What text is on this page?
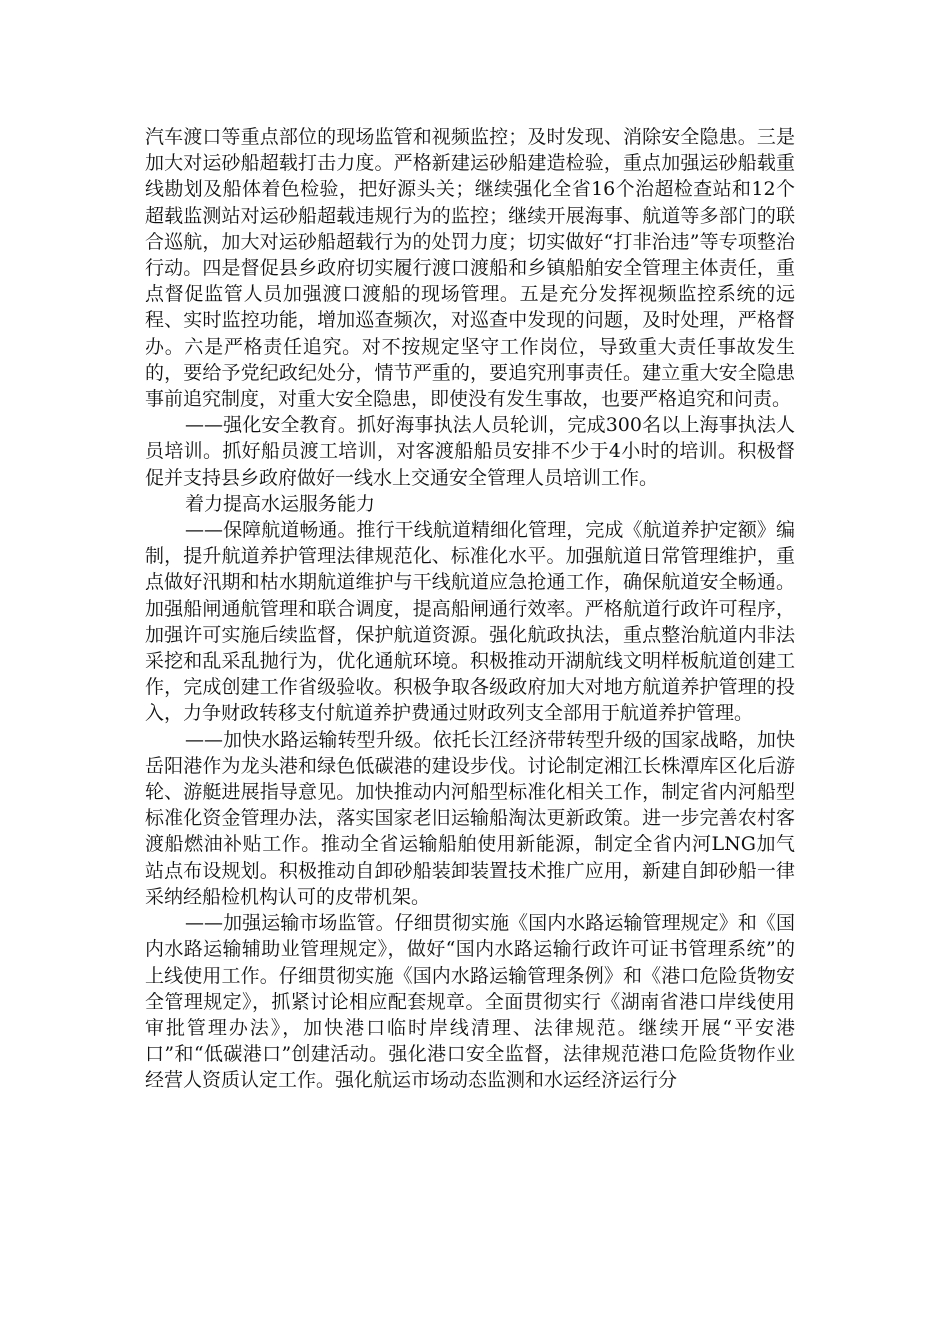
汽车渡口等重点部位的现场监管和视频监控；及时发现、消除安全隐患。三是加大对运砂船超载打击力度。严格新建运砂船建造检验，重点加强运砂船载重线勘划及船体着色检验，把好源头关；继续强化全省16个治超检查站和12个超载监测站对运砂船超载违规行为的监控；继续开展海事、航道等多部门的联合巡航，加大对运砂船超载行为的处罚力度；切实做好“打非治违”等专项整治行动。四是督促县乡政府切实履行渡口渡船和乡镇船舶安全管理主体责任，重点督促监管人员加强渡口渡船的现场管理。五是充分发挥视频监控系统的远程、实时监控功能，增加巡查频次，对巡查中发现的问题，及时处理，严格督办。六是严格责任追究。对不按规定坚守工作岗位，导致重大责任事故发生的，要给予党纪政纪处分，情节严重的，要追究刑事责任。建立重大安全隐患事前追究制度，对重大安全隐患，即使没有发生事故，也要严格追究和问责。

——强化安全教育。抓好海事执法人员轮训，完成300名以上海事执法人员培训。抓好船员渡工培训，对客渡船船员安排不少于4小时的培训。积极督促并支持县乡政府做好一线水上交通安全管理人员培训工作。

着力提高水运服务能力

——保障航道畅通。推行干线航道精细化管理，完成《航道养护定额》编制，提升航道养护管理法律规范化、标准化水平。加强航道日常管理维护，重点做好汛期和枯水期航道维护与干线航道应急抢通工作，确保航道安全畅通。加强船闸通航管理和联合调度，提高船闸通行效率。严格航道行政许可程序，加强许可实施后续监督，保护航道资源。强化航政执法，重点整治航道内非法采挖和乱采乱抛行为，优化通航环境。积极推动开湖航线文明样板航道创建工作，完成创建工作省级验收。积极争取各级政府加大对地方航道养护管理的投入，力争财政转移支付航道养护费通过财政列支全部用于航道养护管理。

——加快水路运输转型升级。依托长江经济带转型升级的国家战略，加快岳阳港作为龙头港和绿色低碳港的建设步伐。讨论制定湘江长株潭库区化后游轮、游艇进展指导意见。加快推动内河船型标准化相关工作，制定省内河船型标准化资金管理办法，落实国家老旧运输船淘汰更新政策。进一步完善农村客渡船燃油补贴工作。推动全省运输船舶使用新能源，制定全省内河LNG加气站点布设规划。积极推动自卸砂船装卸装置技术推广应用，新建自卸砂船一律采纳经船检机构认可的皮带机架。

——加强运输市场监管。仔细贯彻实施《国内水路运输管理规定》和《国内水路运输辅助业管理规定》，做好“国内水路运输行政许可证书管理系统”的上线使用工作。仔细贯彻实施《国内水路运输管理条例》和《港口危险货物安全管理规定》，抓紧讨论相应配套规章。全面贯彻实行《湖南省港口岸线使用审批管理办法》，加快港口临时岸线清理、法律规范。继续开展“平安港口”和“低碳港口”创建活动。强化港口安全监督，法律规范港口危险货物作业经营人资质认定工作。强化航运市场动态监测和水运经济运行分
